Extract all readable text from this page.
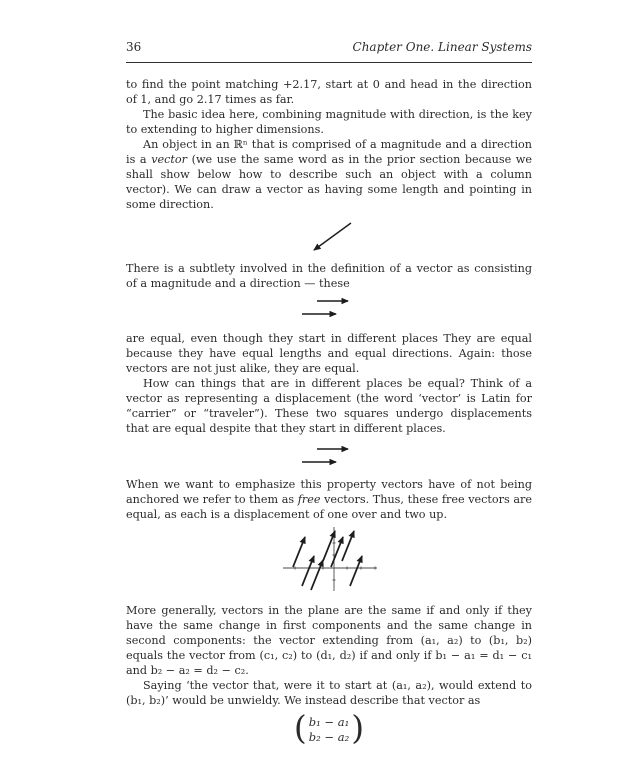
36	Chapter One. Linear Systems

to find the point matching +2.17, start at 0 and head in the direction of 1, and go 2.17 times as far.

The basic idea here, combining magnitude with direction, is the key to extending to higher dimensions.

An object in an ℝⁿ that is comprised of a magnitude and a direction is a vector (we use the same word as in the prior section because we shall show below how to describe such an object with a column vector). We can draw a vector as having some length and pointing in some direction.

There is a subtlety involved in the definition of a vector as consisting of a magnitude and a direction — these

are equal, even though they start in different places They are equal because they have equal lengths and equal directions. Again: those vectors are not just alike, they are equal.

How can things that are in different places be equal? Think of a vector as representing a displacement (the word ‘vector’ is Latin for “carrier” or “traveler”). These two squares undergo displacements that are equal despite that they start in different places.

When we want to emphasize this property vectors have of not being anchored we refer to them as free vectors. Thus, these free vectors are equal, as each is a displacement of one over and two up.

More generally, vectors in the plane are the same if and only if they have the same change in first components and the same change in second components: the vector extending from (a₁, a₂) to (b₁, b₂) equals the vector from (c₁, c₂) to (d₁, d₂) if and only if b₁ − a₁ = d₁ − c₁ and b₂ − a₂ = d₂ − c₂.

Saying ‘the vector that, were it to start at (a₁, a₂), would extend to (b₁, b₂)’ would be unwieldy. We instead describe that vector as

( b₁ − a₁
b₂ − a₂ )
